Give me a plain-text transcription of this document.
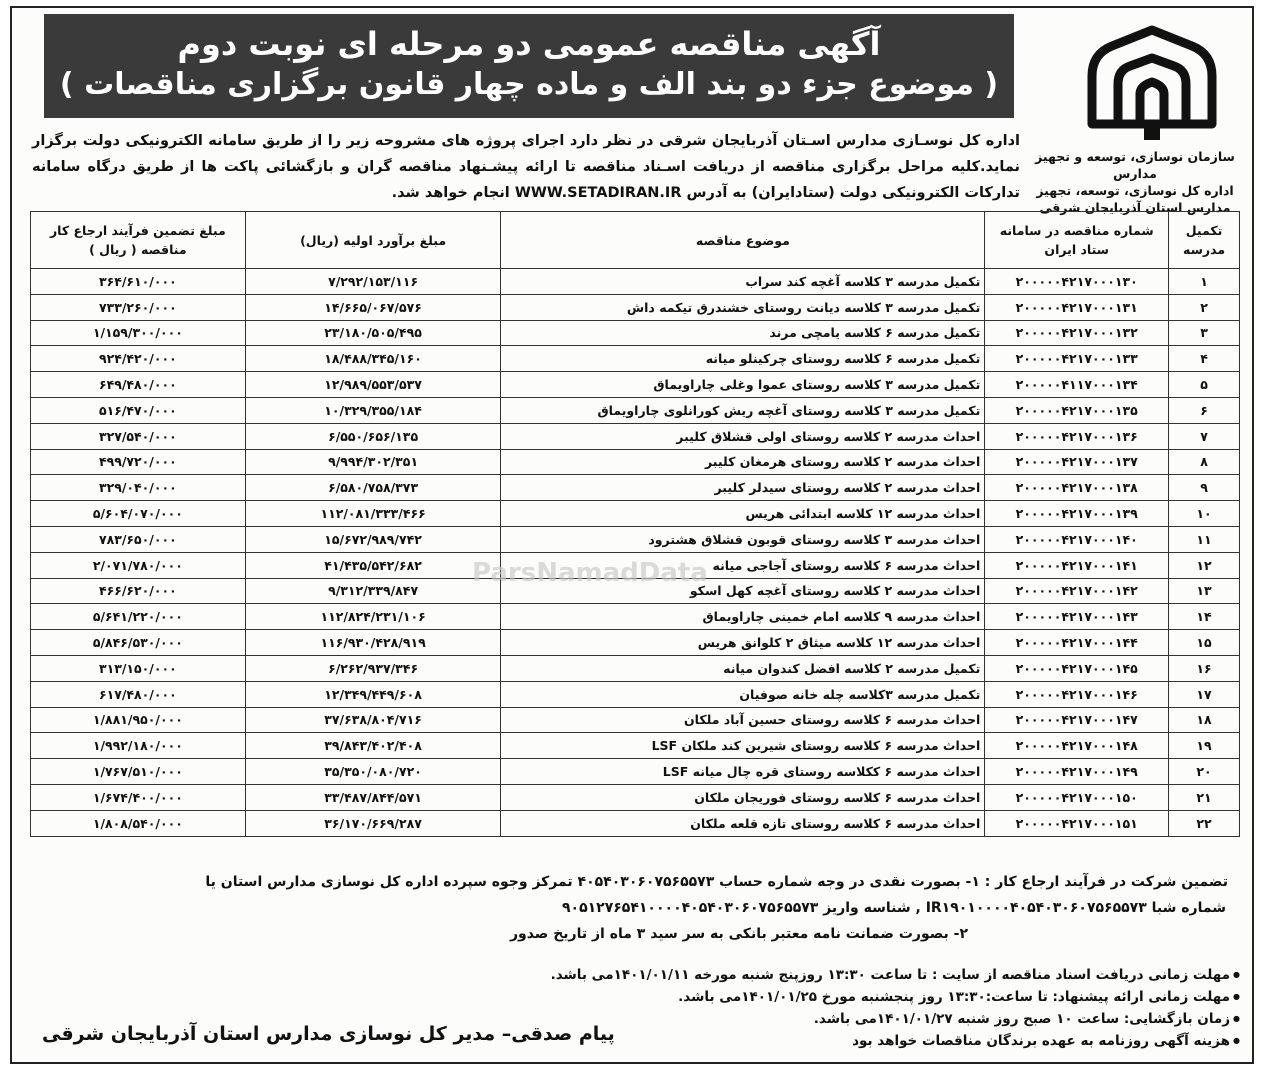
آگهی مناقصه عمومی دو مرحله ای نوبت دوم
( موضوع جزء دو بند الف و ماده چهار قانون برگزاری مناقصات )
سازمان نوسازی، توسعه و تجهیز مدارس
اداره کل نوسازی، توسعه، تجهیز
مدارس استان آذربایجان شرقی
اداره کل نوسـازی مدارس اسـتان آذربایجان شرقی در نظر دارد اجرای پروژه های مشروحه زیر را از طریق سامانه الکترونیکی دولت برگزار نماید.کلیه مراحل برگزاری مناقصه از دریافت اسـناد مناقصه تا ارائه پیشـنهاد مناقصه گران و بازگشائی پاکت ها از طریق درگاه سامانه تدارکات الکترونیکی دولت (ستادایران) به آدرس WWW.SETADIRAN.IR انجام خواهد شد.
تکمیل مدرسه	شماره مناقصه در سامانه ستاد ایران	موضوع مناقصه	مبلغ برآورد اولیه (ریال)	مبلغ تضمین فرآیند ارجاع کار مناقصه ( ریال )
۱	۲۰۰۰۰۰۴۲۱۷۰۰۰۱۳۰	تکمیل مدرسه ۳ کلاسه آغچه کند سراب	۷/۲۹۲/۱۵۳/۱۱۶	۳۶۴/۶۱۰/۰۰۰
۲	۲۰۰۰۰۰۴۲۱۷۰۰۰۱۳۱	تکمیل مدرسه ۳ کلاسه دیانت روستای خشندرق تیکمه داش	۱۴/۶۶۵/۰۶۷/۵۷۶	۷۳۳/۲۶۰/۰۰۰
۳	۲۰۰۰۰۰۴۲۱۷۰۰۰۱۳۲	تکمیل مدرسه ۶ کلاسه یامچی مرند	۲۳/۱۸۰/۵۰۵/۴۹۵	۱/۱۵۹/۳۰۰/۰۰۰
۴	۲۰۰۰۰۰۴۲۱۷۰۰۰۱۳۳	تکمیل مدرسه ۶ کلاسه روستای چرکینلو میانه	۱۸/۴۸۸/۳۴۵/۱۶۰	۹۲۴/۴۲۰/۰۰۰
۵	۲۰۰۰۰۰۴۱۱۷۰۰۰۱۳۴	تکمیل مدرسه ۳ کلاسه روستای عموا وغلی چاراویماق	۱۲/۹۸۹/۵۵۳/۵۳۷	۶۴۹/۴۸۰/۰۰۰
۶	۲۰۰۰۰۰۴۲۱۷۰۰۰۱۳۵	تکمیل مدرسه ۳ کلاسه روستای آغچه ریش کورانلوی چاراویماق	۱۰/۳۲۹/۳۵۵/۱۸۴	۵۱۶/۴۷۰/۰۰۰
۷	۲۰۰۰۰۰۴۲۱۷۰۰۰۱۳۶	احداث مدرسه ۲ کلاسه روستای اولی قشلاق کلیبر	۶/۵۵۰/۶۵۶/۱۳۵	۳۲۷/۵۴۰/۰۰۰
۸	۲۰۰۰۰۰۴۲۱۷۰۰۰۱۳۷	احداث مدرسه ۲ کلاسه روستای هرمغان کلیبر	۹/۹۹۴/۳۰۲/۳۵۱	۴۹۹/۷۲۰/۰۰۰
۹	۲۰۰۰۰۰۴۲۱۷۰۰۰۱۳۸	احداث مدرسه ۲ کلاسه روستای سیدلر کلیبر	۶/۵۸۰/۷۵۸/۳۷۳	۳۲۹/۰۴۰/۰۰۰
۱۰	۲۰۰۰۰۰۴۲۱۷۰۰۰۱۳۹	احداث مدرسه ۱۲ کلاسه ابتدائی هریس	۱۱۲/۰۸۱/۳۳۳/۴۶۶	۵/۶۰۴/۰۷۰/۰۰۰
۱۱	۲۰۰۰۰۰۴۲۱۷۰۰۰۱۴۰	احداث مدرسه ۳ کلاسه روستای قوبون قشلاق هشترود	۱۵/۶۷۲/۹۸۹/۷۴۲	۷۸۳/۶۵۰/۰۰۰
۱۲	۲۰۰۰۰۰۴۲۱۷۰۰۰۱۴۱	احداث مدرسه ۶ کلاسه روستای آجاجی میانه	۴۱/۴۳۵/۵۴۲/۶۸۲	۲/۰۷۱/۷۸۰/۰۰۰
۱۳	۲۰۰۰۰۰۴۲۱۷۰۰۰۱۴۲	احداث مدرسه ۲ کلاسه روستای آغچه کهل اسکو	۹/۳۱۲/۳۳۹/۸۴۷	۴۶۶/۶۲۰/۰۰۰
۱۴	۲۰۰۰۰۰۴۲۱۷۰۰۰۱۴۳	احداث مدرسه ۹ کلاسه امام خمینی چاراویماق	۱۱۲/۸۲۴/۲۳۱/۱۰۶	۵/۶۴۱/۲۲۰/۰۰۰
۱۵	۲۰۰۰۰۰۴۲۱۷۰۰۰۱۴۴	احداث مدرسه ۱۲ کلاسه میثاق ۲ کلوانق هریس	۱۱۶/۹۳۰/۴۲۸/۹۱۹	۵/۸۴۶/۵۳۰/۰۰۰
۱۶	۲۰۰۰۰۰۴۲۱۷۰۰۰۱۴۵	تکمیل مدرسه ۲ کلاسه افضل کندوان میانه	۶/۲۶۲/۹۳۷/۳۴۶	۳۱۳/۱۵۰/۰۰۰
۱۷	۲۰۰۰۰۰۴۲۱۷۰۰۰۱۴۶	تکمیل مدرسه ۳کلاسه چله خانه صوفیان	۱۲/۳۴۹/۴۴۹/۶۰۸	۶۱۷/۴۸۰/۰۰۰
۱۸	۲۰۰۰۰۰۴۲۱۷۰۰۰۱۴۷	احداث مدرسه ۶ کلاسه روستای حسین آباد ملکان	۳۷/۶۳۸/۸۰۴/۷۱۶	۱/۸۸۱/۹۵۰/۰۰۰
۱۹	۲۰۰۰۰۰۴۲۱۷۰۰۰۱۴۸	احداث مدرسه ۶ کلاسه روستای شیرین کند ملکان LSF	۳۹/۸۴۳/۴۰۲/۴۰۸	۱/۹۹۲/۱۸۰/۰۰۰
۲۰	۲۰۰۰۰۰۴۲۱۷۰۰۰۱۴۹	احداث مدرسه ۶ ککلاسه روستای قره چال میانه LSF	۳۵/۳۵۰/۰۸۰/۷۲۰	۱/۷۶۷/۵۱۰/۰۰۰
۲۱	۲۰۰۰۰۰۴۲۱۷۰۰۰۱۵۰	احداث مدرسه ۶ کلاسه روستای فوریجان ملکان	۳۳/۴۸۷/۸۴۴/۵۷۱	۱/۶۷۴/۴۰۰/۰۰۰
۲۲	۲۰۰۰۰۰۴۲۱۷۰۰۰۱۵۱	احداث مدرسه ۶ کلاسه روستای تازه قلعه ملکان	۳۶/۱۷۰/۶۶۹/۲۸۷	۱/۸۰۸/۵۴۰/۰۰۰
تضمین شرکت در فرآیند ارجاع کار : ۱- بصورت نقدی در وجه شماره حساب ۴۰۵۴۰۳۰۶۰۷۵۶۵۵۷۳ تمرکز وجوه سپرده اداره کل نوسازی مدارس استان یا
شماره شبا IR۱۹۰۱۰۰۰۰۴۰۵۴۰۳۰۶۰۷۵۶۵۵۷۳ , شناسه واریز ۹۰۵۱۲۷۶۵۴۱۰۰۰۰۴۰۵۴۰۳۰۶۰۷۵۶۵۵۷۳
۲- بصورت ضمانت نامه معتبر بانکی به سر سید ۳ ماه از تاریخ صدور
● مهلت زمانی دریافت اسناد مناقصه از سایت : تا ساعت ۱۳:۳۰ روزپنج شنبه مورخه ۱۴۰۱/۰۱/۱۱می باشد.
● مهلت زمانی ارائه پیشنهاد: تا ساعت:۱۳:۳۰ روز پنجشنبه مورخ ۱۴۰۱/۰۱/۲۵می باشد.
● زمان بازگشایی: ساعت ۱۰ صبح روز شنبه ۱۴۰۱/۰۱/۲۷می باشد.
● هزینه آگهی روزنامه به عهده برندگان مناقصات خواهد بود
پیام صدقی– مدیر کل نوسازی مدارس استان آذربایجان شرقی
ParsNamadData
